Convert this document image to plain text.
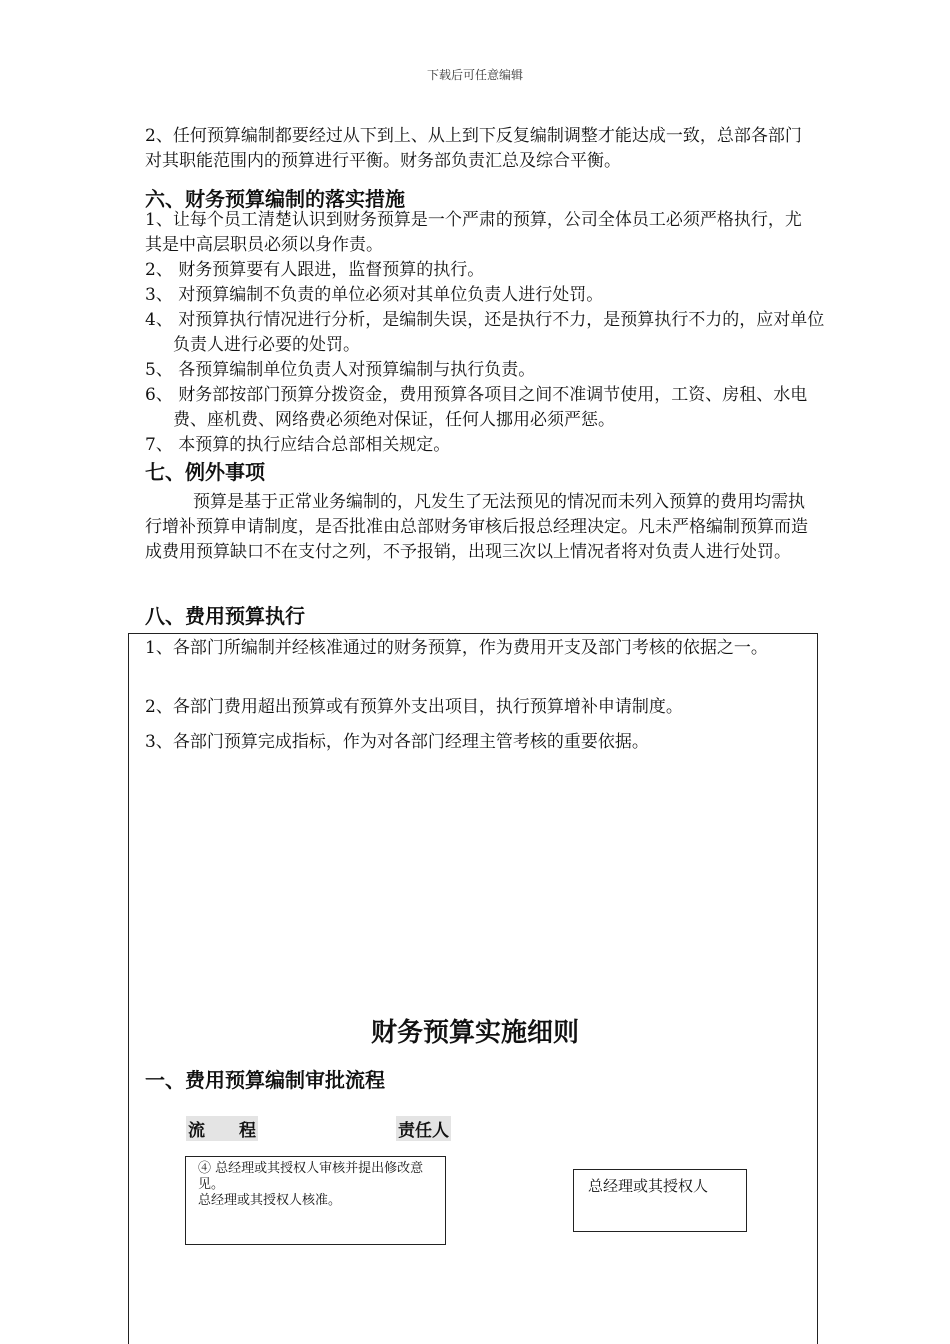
下载后可任意编辑
2、任何预算编制都要经过从下到上、从上到下反复编制调整才能达成一致，总部各部门对其职能范围内的预算进行平衡。财务部负责汇总及综合平衡。
六、财务预算编制的落实措施
1、让每个员工清楚认识到财务预算是一个严肃的预算，公司全体员工必须严格执行，尤其是中高层职员必须以身作责。
2、 财务预算要有人跟进，监督预算的执行。
3、 对预算编制不负责的单位必须对其单位负责人进行处罚。
4、 对预算执行情况进行分析，是编制失误，还是执行不力，是预算执行不力的，应对单位负责人进行必要的处罚。
5、 各预算编制单位负责人对预算编制与执行负责。
6、 财务部按部门预算分拨资金，费用预算各项目之间不准调节使用，工资、房租、水电费、座机费、网络费必须绝对保证，任何人挪用必须严惩。
7、 本预算的执行应结合总部相关规定。
七、例外事项
预算是基于正常业务编制的，凡发生了无法预见的情况而未列入预算的费用均需执行增补预算申请制度，是否批准由总部财务审核后报总经理决定。凡未严格编制预算而造成费用预算缺口不在支付之列，不予报销，出现三次以上情况者将对负责人进行处罚。
八、费用预算执行
1、各部门所编制并经核准通过的财务预算，作为费用开支及部门考核的依据之一。
2、各部门费用超出预算或有预算外支出项目，执行预算增补申请制度。
3、各部门预算完成指标，作为对各部门经理主管考核的重要依据。
财务预算实施细则
一、费用预算编制审批流程
流　　程	责任人
④ 总经理或其授权人审核并提出修改意见。
总经理或其授权人核准。
总经理或其授权人
